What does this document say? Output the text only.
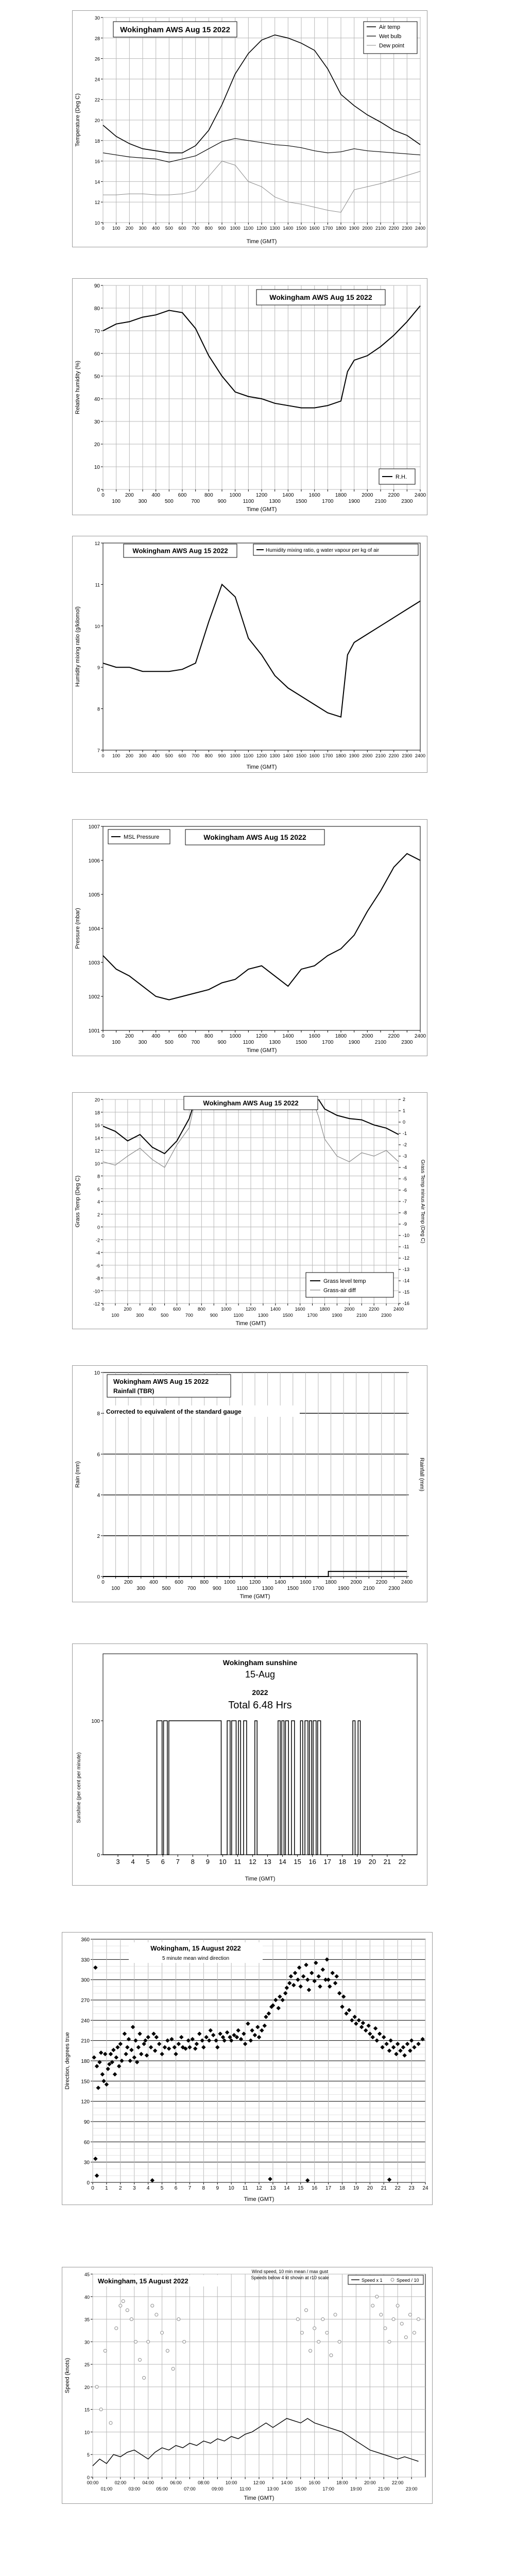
10
12
14
16
18
20
22
24
26
28
30
0 100 200 300 400 500 600 700 800 900 1000 1100 1200 1300 1400 1500 1600 1700 1800 1900 2000 2100 2200 2300 2400
Time (GMT)
Temperature (Deg C)
Wokingham AWS Aug 15 2022	Air temp
Wet bulb
Dew point
0
10
20
30
40
50
60
70
80
90
0	200	400	600	800	1000	1200	1400	1600	1800	2000	2200	2400
100	300	500	700	900	1100	1300	1500	1700	1900	2100	2300
Time (GMT)
Relative humidity (%)
Wokingham AWS Aug 15 2022
R.H.
7
8
9
10
11
12
0 100 200 300 400 500 600 700 800 900 1000 1100 1200 1300 1400 1500 1600 1700 1800 1900 2000 2100 2200 2300 2400
Time (GMT)
Humidity mixing ratio (g/kilomol)
Wokingham AWS Aug 15 2022	Humidity mixing ratio, g water vapour per kg of air
1001
1002
1003
1004
1005
1006
1007
0	200	400	600	800	1000	1200	1400	1600	1800	2000	2200	2400
100	300	500	700	900	1100	1300	1500	1700	1900	2100	2300
Time (GMT)
Pressure (mbar)
MSL Pressure	Wokingham AWS Aug 15 2022
-12
-10
-8
-6
-4
-2
0
2
4
6
8
10
12
14
16
18
20
0	200	400	600	800	1000	1200	1400	1600	1800	2000	2200	2400
100	300	500	700	900	1100	1300	1500	1700	1900	2100	2300
Time (GMT)
Grass Temp (Deg C)
-16
-15
-14
-13
-12
-11
-10
-9
-8
-7
-6
-5
-4
-3
-2
-1
0
1
2
Grass Temp minus Air Temp (Deg C)
Wokingham AWS Aug 15 2022
Grass level temp
Grass-air diff
0
2
4
6
8
10
0	200	400	600	800	1000	1200	1400	1600	1800	2000	2200	2400
100	300	500	700	900	1100	1300	1500	1700	1900	2100	2300
Time (GMT)
Rain (mm)	Rainfall (mm)
Wokingham AWS Aug 15 2022
Rainfall (TBR)
Corrected to equivalent of the standard gauge
0
100
3 4 5 6 7 8 9 10 11 12 13 14 15 16 17 18 19 20 21 22
Time (GMT)
Sunshine (per cent per minute)
Wokingham sunshine
15-Aug
2022
Total 6.48 Hrs
0
30
60
90
120
150
180
210
240
270
300
330
360
0 1 2 3 4 5 6 7 8 9 10 11 12 13 14 15 16 17 18 19 20 21 22 23 24
Time (GMT)
Direction, degrees true
Wokingham, 15 August 2022
5 minute mean wind direction
0
5
10
15
20
25
30
35
40
45
00:00	02:00	04:00	06:00	08:00	10:00	12:00	14:00	16:00	18:00	20:00	22:00
01:00	03:00	05:00	07:00	09:00	11:00	13:00	15:00	17:00	19:00	21:00	23:00
Time (GMT)
Speed (knots)
Wokingham, 15 August 2022
Wind speed, 10 min mean / max gust
Speeds below 4 kt shown at r10 scale	Speed x 1	Speed / 10
